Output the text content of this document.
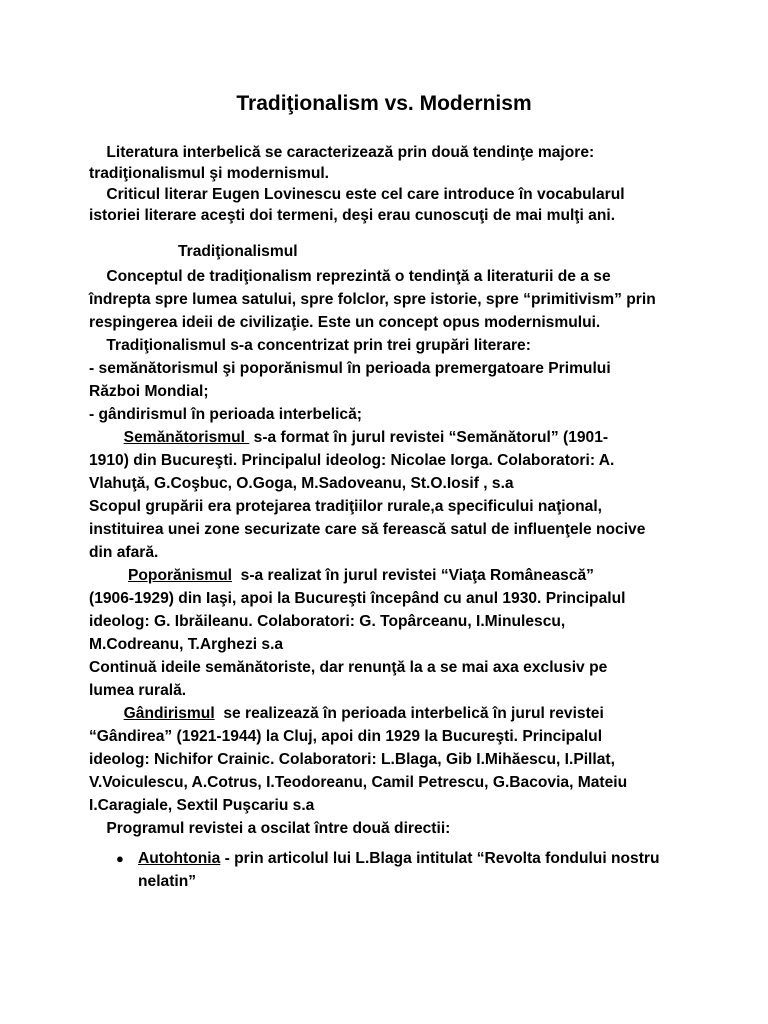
Tradiţionalism vs. Modernism
Literatura interbelică se caracterizează prin două tendinţe majore:
tradiţionalismul şi modernismul.
Criticul literar Eugen Lovinescu este cel care introduce în vocabularul
istoriei literare aceşti doi termeni, deşi erau cunoscuţi de mai mulţi ani.
Tradiţionalismul
Conceptul de tradiţionalism reprezintă o tendinţă a literaturii de a se
îndrepta spre lumea satului, spre folclor, spre istorie, spre “primitivism” prin
respingerea ideii de civilizaţie. Este un concept opus modernismului.
Tradiţionalismul s-a concentrizat prin trei grupări literare:
- semănătorismul şi poporănismul în perioada premergatoare Primului
Război Mondial;
- gândirismul în perioada interbelică;
Semănătorismul  s-a format în jurul revistei “Semănătorul” (1901-
1910) din Bucureşti. Principalul ideolog: Nicolae Iorga. Colaboratori: A.
Vlahuţă, G.Coşbuc, O.Goga, M.Sadoveanu, St.O.Iosif , s.a
Scopul grupării era protejarea tradiţiilor rurale,a specificului naţional,
instituirea unei zone securizate care să ferească satul de influenţele nocive
din afară.
Poporănismul  s-a realizat în jurul revistei “Viaţa Românească”
(1906-1929) din Iaşi, apoi la Bucureşti începând cu anul 1930. Principalul
ideolog: G. Ibrăileanu. Colaboratori: G. Topârceanu, I.Minulescu,
M.Codreanu, T.Arghezi s.a
Continuă ideile semănătoriste, dar renunţă la a se mai axa exclusiv pe
lumea rurală.
Gândirismul  se realizează în perioada interbelică în jurul revistei
“Gândirea” (1921-1944) la Cluj, apoi din 1929 la Bucureşti. Principalul
ideolog: Nichifor Crainic. Colaboratori: L.Blaga, Gib I.Mihăescu, I.Pillat,
V.Voiculescu, A.Cotrus, I.Teodoreanu, Camil Petrescu, G.Bacovia, Mateiu
I.Caragiale, Sextil Puşcariu s.a
Programul revistei a oscilat între două directii:
● Autohtonia - prin articolul lui L.Blaga intitulat “Revolta fondului nostru
nelatin”
